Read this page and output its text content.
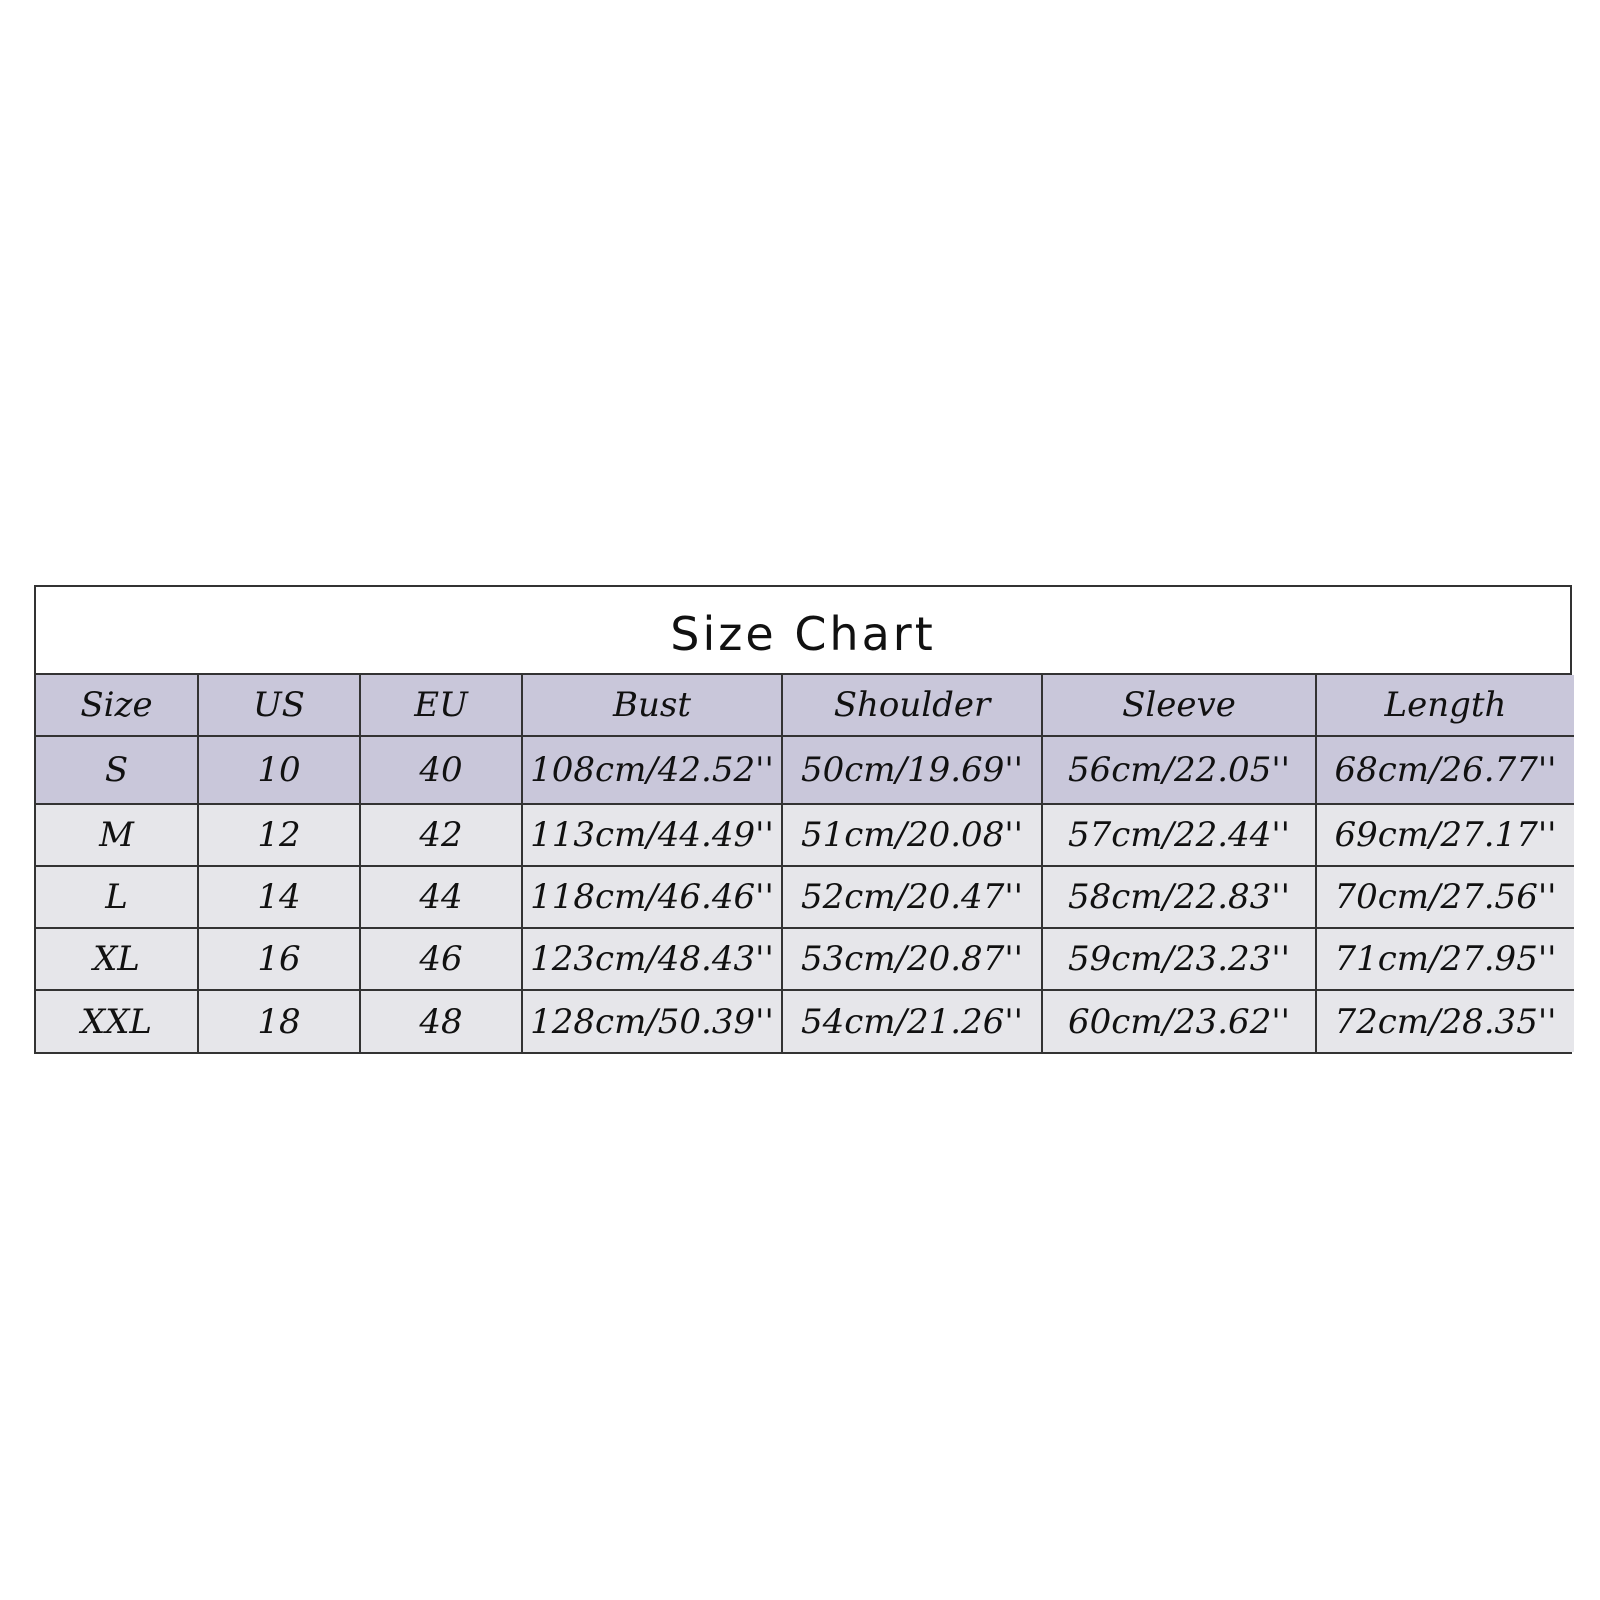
Size Chart
Size	US	EU	Bust	Shoulder	Sleeve	Length
S	10	40	108cm/42.52''	50cm/19.69''	56cm/22.05''	68cm/26.77''
M	12	42	113cm/44.49''	51cm/20.08''	57cm/22.44''	69cm/27.17''
L	14	44	118cm/46.46''	52cm/20.47''	58cm/22.83''	70cm/27.56''
XL	16	46	123cm/48.43''	53cm/20.87''	59cm/23.23''	71cm/27.95''
XXL	18	48	128cm/50.39''	54cm/21.26''	60cm/23.62''	72cm/28.35''
